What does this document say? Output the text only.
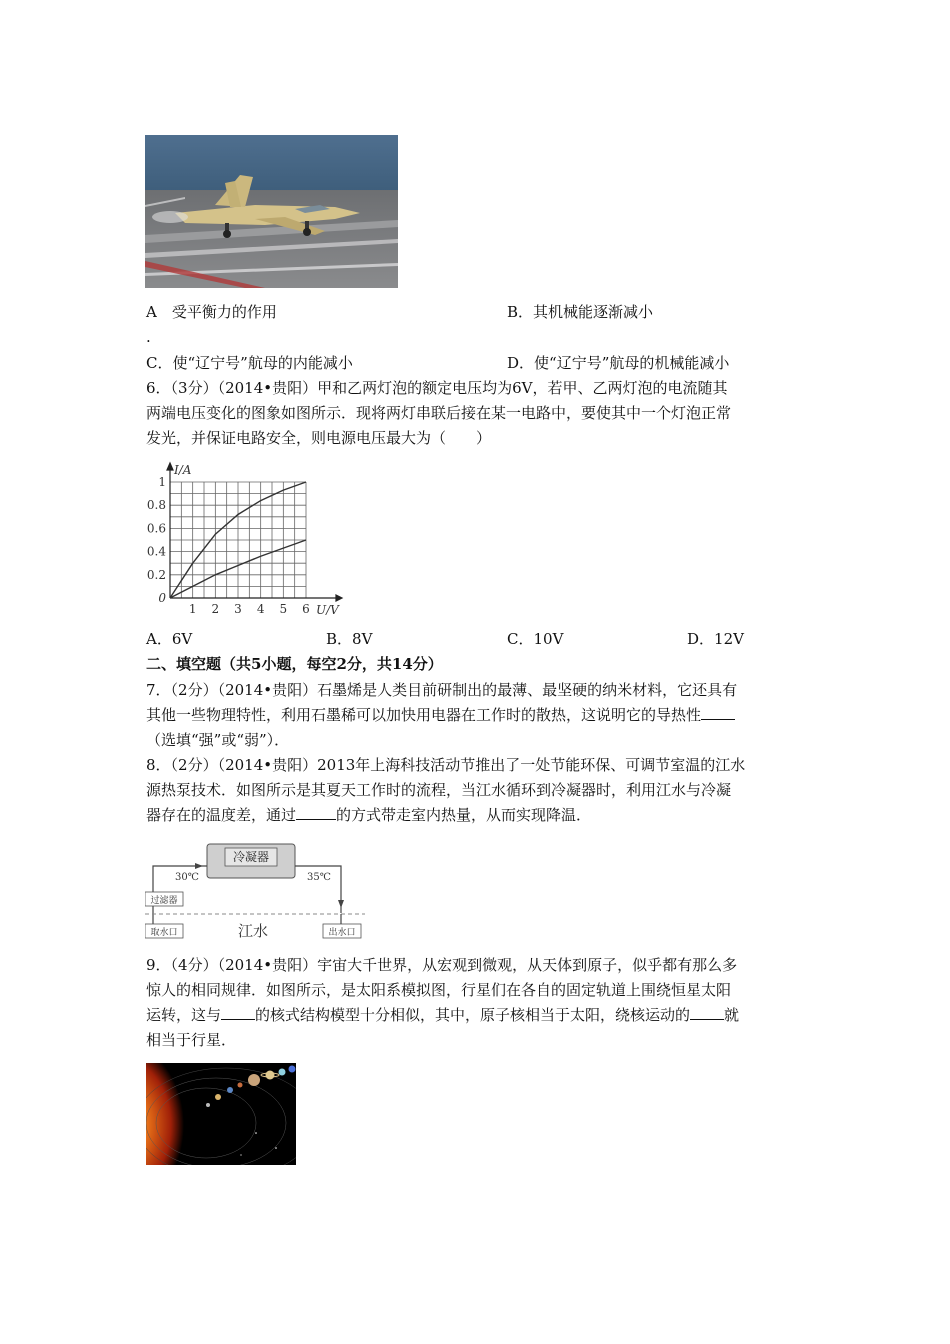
A　受平衡力的作用	B．其机械能逐渐减小
.
C．使“辽宁号”航母的内能减小	D．使“辽宁号”航母的机械能减小
6．（3分）（2014•贵阳）甲和乙两灯泡的额定电压均为6V，若甲、乙两灯泡的电流随其
两端电压变化的图象如图所示．现将两灯串联后接在某一电路中，要使其中一个灯泡正常
发光，并保证电路安全，则电源电压最大为（　　）
1 2 3 4 5 6
0.2
0.4
0.6
0.8
1
0
I/A
U/V
A．6V	B．8V	C．10V	D．12V
二、填空题（共5小题，每空2分，共14分）
7．（2分）（2014•贵阳）石墨烯是人类目前研制出的最薄、最坚硬的纳米材料，它还具有
其他一些物理特性，利用石墨稀可以加快用电器在工作时的散热，这说明它的导热性
（选填“强”或“弱”）．
8．（2分）（2014•贵阳）2013年上海科技活动节推出了一处节能环保、可调节室温的江水
源热泵技术．如图所示是其夏天工作时的流程，当江水循环到冷凝器时，利用江水与冷凝
器存在的温度差，通过	的方式带走室内热量，从而实现降温．
冷凝器
30℃	35℃
过滤器
取水口	江水	出水口
9．（4分）（2014•贵阳）宇宙大千世界，从宏观到微观，从天体到原子，似乎都有那么多
惊人的相同规律．如图所示，是太阳系模拟图，行星们在各自的固定轨道上围绕恒星太阳
运转，这与 的核式结构模型十分相似，其中，原子核相当于太阳，绕核运动的 就
相当于行星．
